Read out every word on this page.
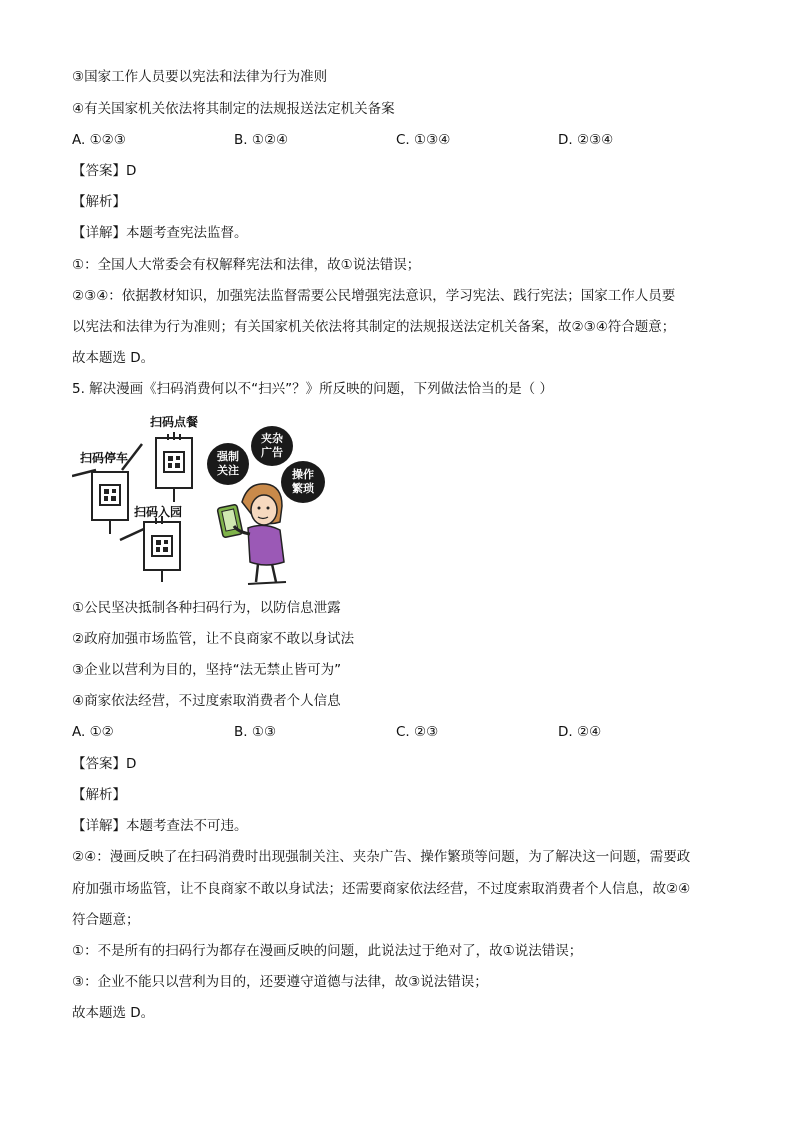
③国家工作人员要以宪法和法律为行为准则
④有关国家机关依法将其制定的法规报送法定机关备案
A. ①②③	B. ①②④	C. ①③④	D. ②③④
【答案】D
【解析】
【详解】本题考查宪法监督。
①：全国人大常委会有权解释宪法和法律，故①说法错误；
②③④：依据教材知识，加强宪法监督需要公民增强宪法意识，学习宪法、践行宪法；国家工作人员要
以宪法和法律为行为准则；有关国家机关依法将其制定的法规报送法定机关备案，故②③④符合题意；
故本题选 D。
5. 解决漫画《扫码消费何以不“扫兴”？》所反映的问题，下列做法恰当的是（ ）
扫码点餐
扫码停车
扫码入园
强制
关注
夹杂
广告
操作
繁琐
①公民坚决抵制各种扫码行为，以防信息泄露
②政府加强市场监管，让不良商家不敢以身试法
③企业以营利为目的，坚持“法无禁止皆可为”
④商家依法经营，不过度索取消费者个人信息
A. ①②	B. ①③	C. ②③	D. ②④
【答案】D
【解析】
【详解】本题考查法不可违。
②④：漫画反映了在扫码消费时出现强制关注、夹杂广告、操作繁琐等问题，为了解决这一问题，需要政
府加强市场监管，让不良商家不敢以身试法；还需要商家依法经营，不过度索取消费者个人信息，故②④
符合题意；
①：不是所有的扫码行为都存在漫画反映的问题，此说法过于绝对了，故①说法错误；
③：企业不能只以营利为目的，还要遵守道德与法律，故③说法错误；
故本题选 D。
